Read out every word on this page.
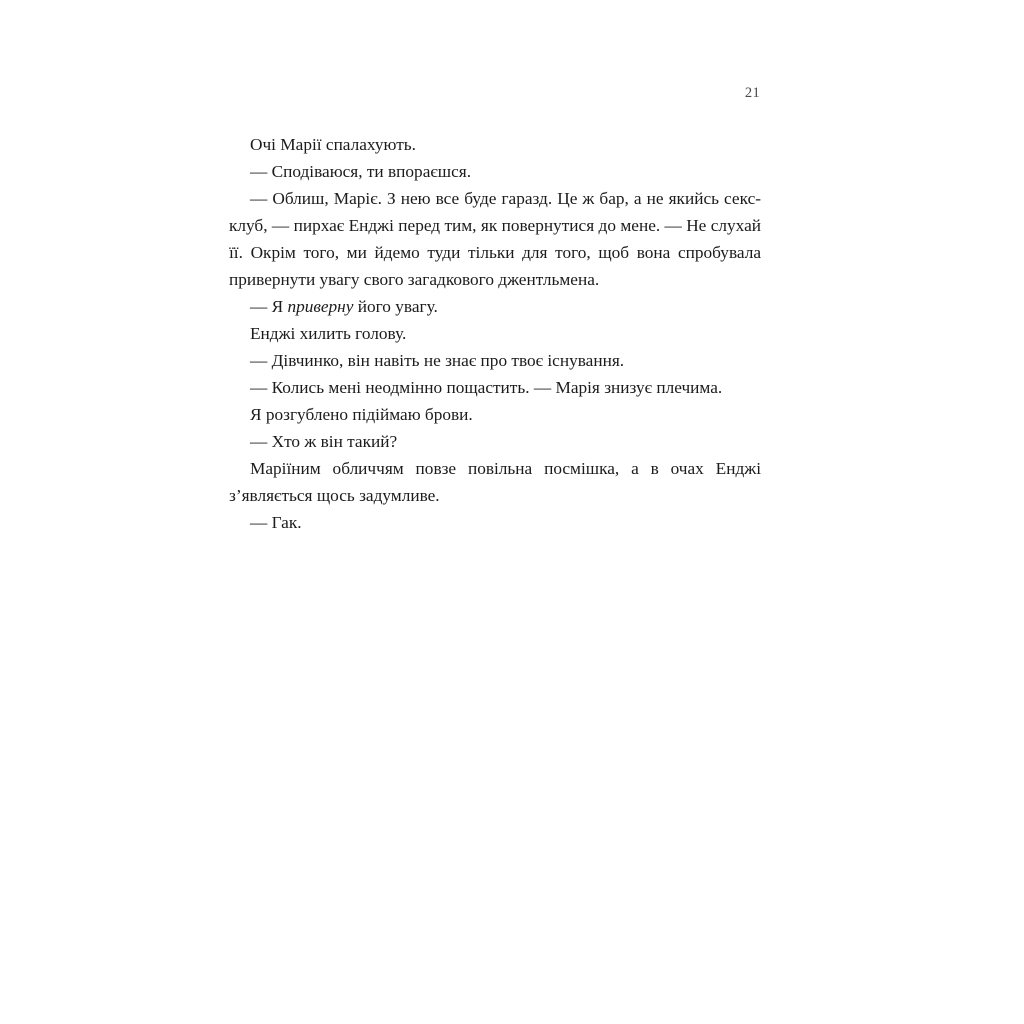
21

Очі Марії спалахують.

— Сподіваюся, ти впораєшся.

— Облиш, Маріє. З нею все буде гаразд. Це ж бар, а не якийсь секс-клуб, — пирхає Енджі перед тим, як повернутися до мене. — Не слухай її. Окрім того, ми йдемо туди тільки для того, щоб вона спробувала привернути увагу свого загадкового джентльмена.

— Я приверну його увагу.

Енджі хилить голову.

— Дівчинко, він навіть не знає про твоє існування.

— Колись мені неодмінно пощастить. — Марія знизує плечима.

Я розгублено підіймаю брови.

— Хто ж він такий?

Маріїним обличчям повзе повільна посмішка, а в очах Енджі з’являється щось задумливе.

— Гак.
